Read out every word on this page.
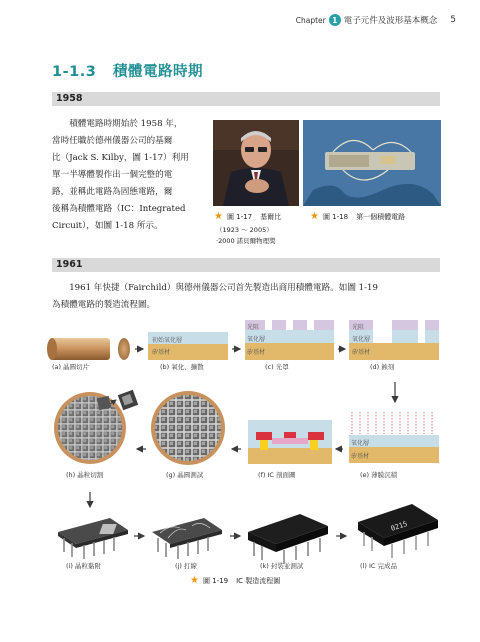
Chapter 1 電子元件及波形基本概念 5
1-1.3 積體電路時期
1958
積體電路時期始於 1958 年，
當時任職於德州儀器公司的基爾
比（Jack S. Kilby，圖 1-17）利用
單一半導體製作出一個完整的電
路，並稱此電路為固態電路，爾
後稱為積體電路（IC：Integrated
Circuit），如圖 1-18 所示。
★ 圖 1-17 基爾比
（1923 ～ 2005）
‧2000 諾貝爾物理獎
★ 圖 1-18 第一個積體電路
1961
1961 年快捷（Fairchild）與德州儀器公司首先製造出商用積體電路。如圖 1-19
為積體電路的製造流程圖。
0215
初始氧化層
矽基材
光阻
氧化層
矽基材
光阻
氧化層
矽基材
氧化層
矽基材
(a) 晶圓切片	(b) 氧化、擴散	(c) 光罩	(d) 蝕刻
(h) 晶粒切割	(g) 晶圓測試	(f) IC 剖面圖	(e) 薄膜沉積
(i) 晶粒黏附	(j) 打線	(k) 封裝並測試	(l) IC 完成品
★ 圖 1-19 IC 製造流程圖
